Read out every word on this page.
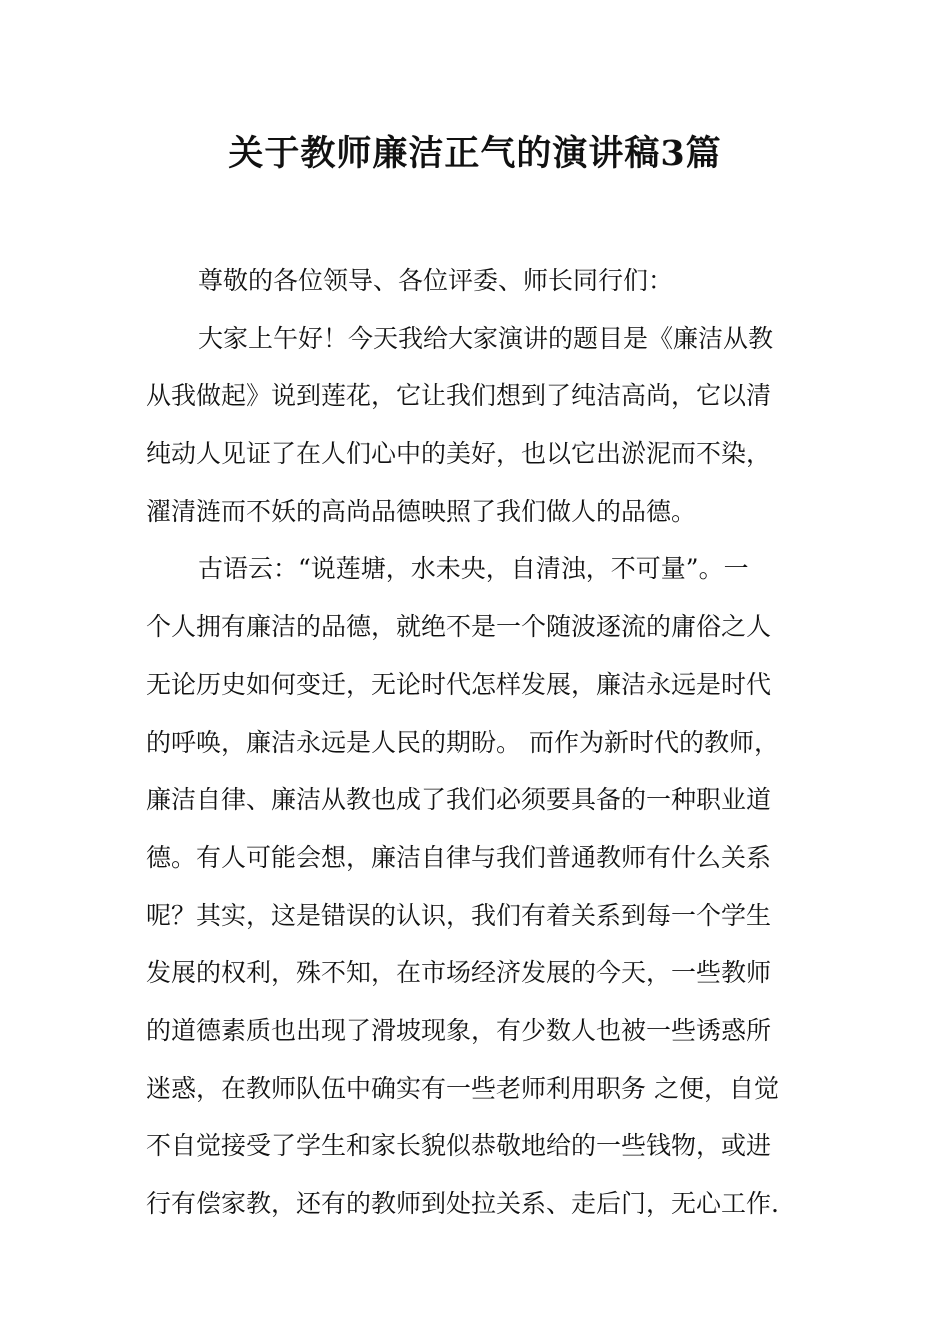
关于教师廉洁正气的演讲稿3篇

尊敬的各位领导、各位评委、师长同行们：

大家上午好！今天我给大家演讲的题目是《廉洁从教

从我做起》说到莲花，它让我们想到了纯洁高尚，它以清

纯动人见证了在人们心中的美好，也以它出淤泥而不染，

濯清涟而不妖的高尚品德映照了我们做人的品德。

古语云：“说莲塘，水未央，自清浊，不可量”。一

个人拥有廉洁的品德，就绝不是一个随波逐流的庸俗之人

无论历史如何变迁，无论时代怎样发展，廉洁永远是时代

的呼唤，廉洁永远是人民的期盼。 而作为新时代的教师，

廉洁自律、廉洁从教也成了我们必须要具备的一种职业道

德。有人可能会想，廉洁自律与我们普通教师有什么关系

呢？其实，这是错误的认识，我们有着关系到每一个学生

发展的权利，殊不知，在市场经济发展的今天，一些教师

的道德素质也出现了滑坡现象，有少数人也被一些诱惑所

迷惑，在教师队伍中确实有一些老师利用职务 之便，自觉

不自觉接受了学生和家长貌似恭敬地给的一些钱物，或进

行有偿家教，还有的教师到处拉关系、走后门，无心工作.
